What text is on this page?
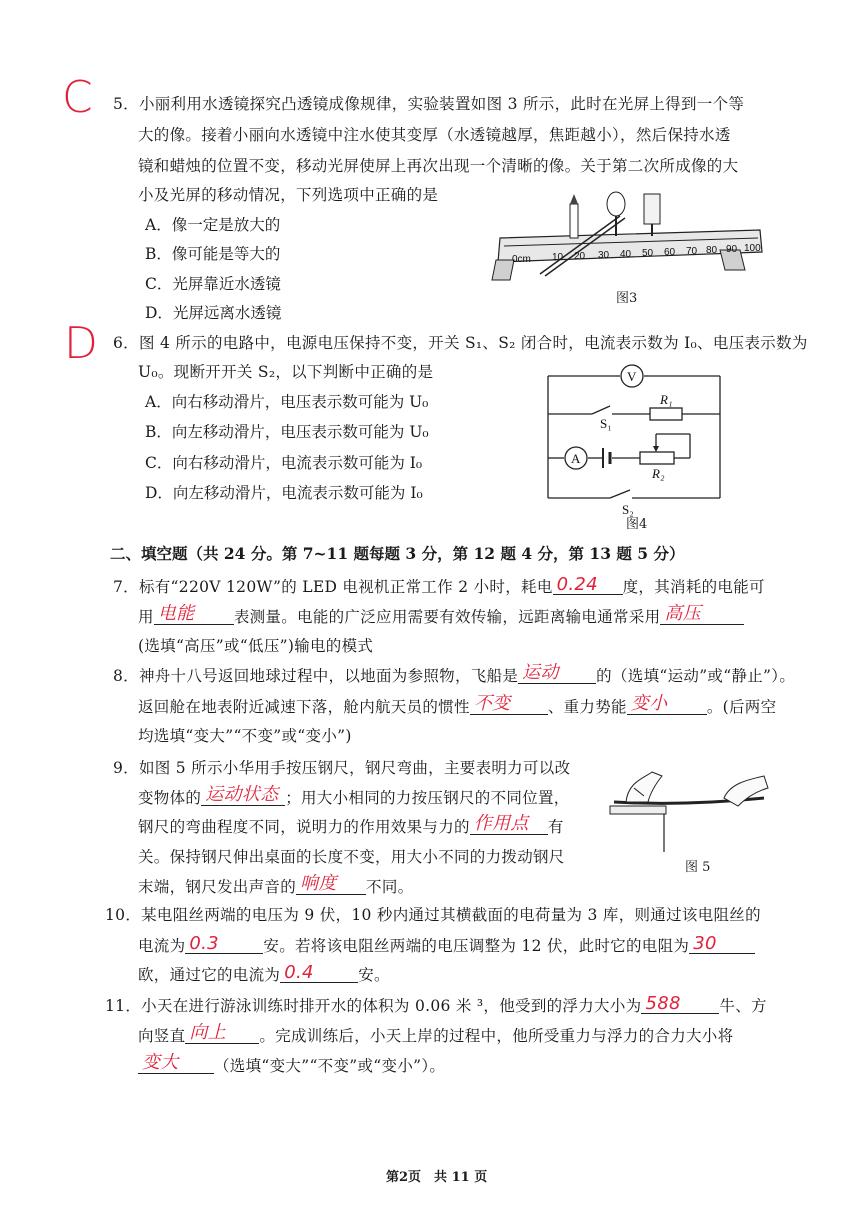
C
D
5．小丽利用水透镜探究凸透镜成像规律，实验装置如图 3 所示，此时在光屏上得到一个等
大的像。接着小丽向水透镜中注水使其变厚（水透镜越厚，焦距越小），然后保持水透
镜和蜡烛的位置不变，移动光屏使屏上再次出现一个清晰的像。关于第二次所成像的大
小及光屏的移动情况，下列选项中正确的是
A．像一定是放大的
B．像可能是等大的
C．光屏靠近水透镜
D．光屏远离水透镜
0cm 10 20 30 40 50 60 70 80 90 100
图3
6．图 4 所示的电路中，电源电压保持不变，开关 S₁、S₂ 闭合时，电流表示数为 I₀、电压表示数为
U₀。现断开开关 S₂，以下判断中正确的是
A．向右移动滑片，电压表示数可能为 U₀
B．向左移动滑片，电压表示数可能为 U₀
C．向右移动滑片，电流表示数可能为 I₀
D．向左移动滑片，电流表示数可能为 I₀
V
A
R₁
R₂
S₁
S₂
图4
二、填空题（共 24 分。第 7~11 题每题 3 分，第 12 题 4 分，第 13 题 5 分）
7．标有“220V 120W”的 LED 电视机正常工作 2 小时，耗电 0.24 度，其消耗的电能可
用 电能	表测量。电能的广泛应用需要有效传输，远距离输电通常采用 高压
(选填“高压”或“低压”)输电的模式
8．神舟十八号返回地球过程中，以地面为参照物，飞船是 运动 的（选填“运动”或“静止”）。
返回舱在地表附近减速下落，舱内航天员的惯性 不变 、重力势能 变小	。(后两空
均选填“变大”“不变”或“变小”)
9．如图 5 所示小华用手按压钢尺，钢尺弯曲，主要表明力可以改
变物体的 运动状态 ；用大小相同的力按压钢尺的不同位置，
钢尺的弯曲程度不同，说明力的作用效果与力的 作用点 有
关。保持钢尺伸出桌面的长度不变，用大小不同的力拨动钢尺
末端，钢尺发出声音的 响度 不同。
图 5
10．某电阻丝两端的电压为 9 伏，10 秒内通过其横截面的电荷量为 3 库，则通过该电阻丝的
电流为 0.3	安。若将该电阻丝两端的电压调整为 12 伏，此时它的电阻为 30
欧，通过它的电流为 0.4	安。
11．小天在进行游泳训练时排开水的体积为 0.06 米 ³，他受到的浮力大小为 588 牛、方
向竖直 向上 。完成训练后，小天上岸的过程中，他所受重力与浮力的合力大小将
变大 （选填“变大”“不变”或“变小”）。
第2页　共 11 页
